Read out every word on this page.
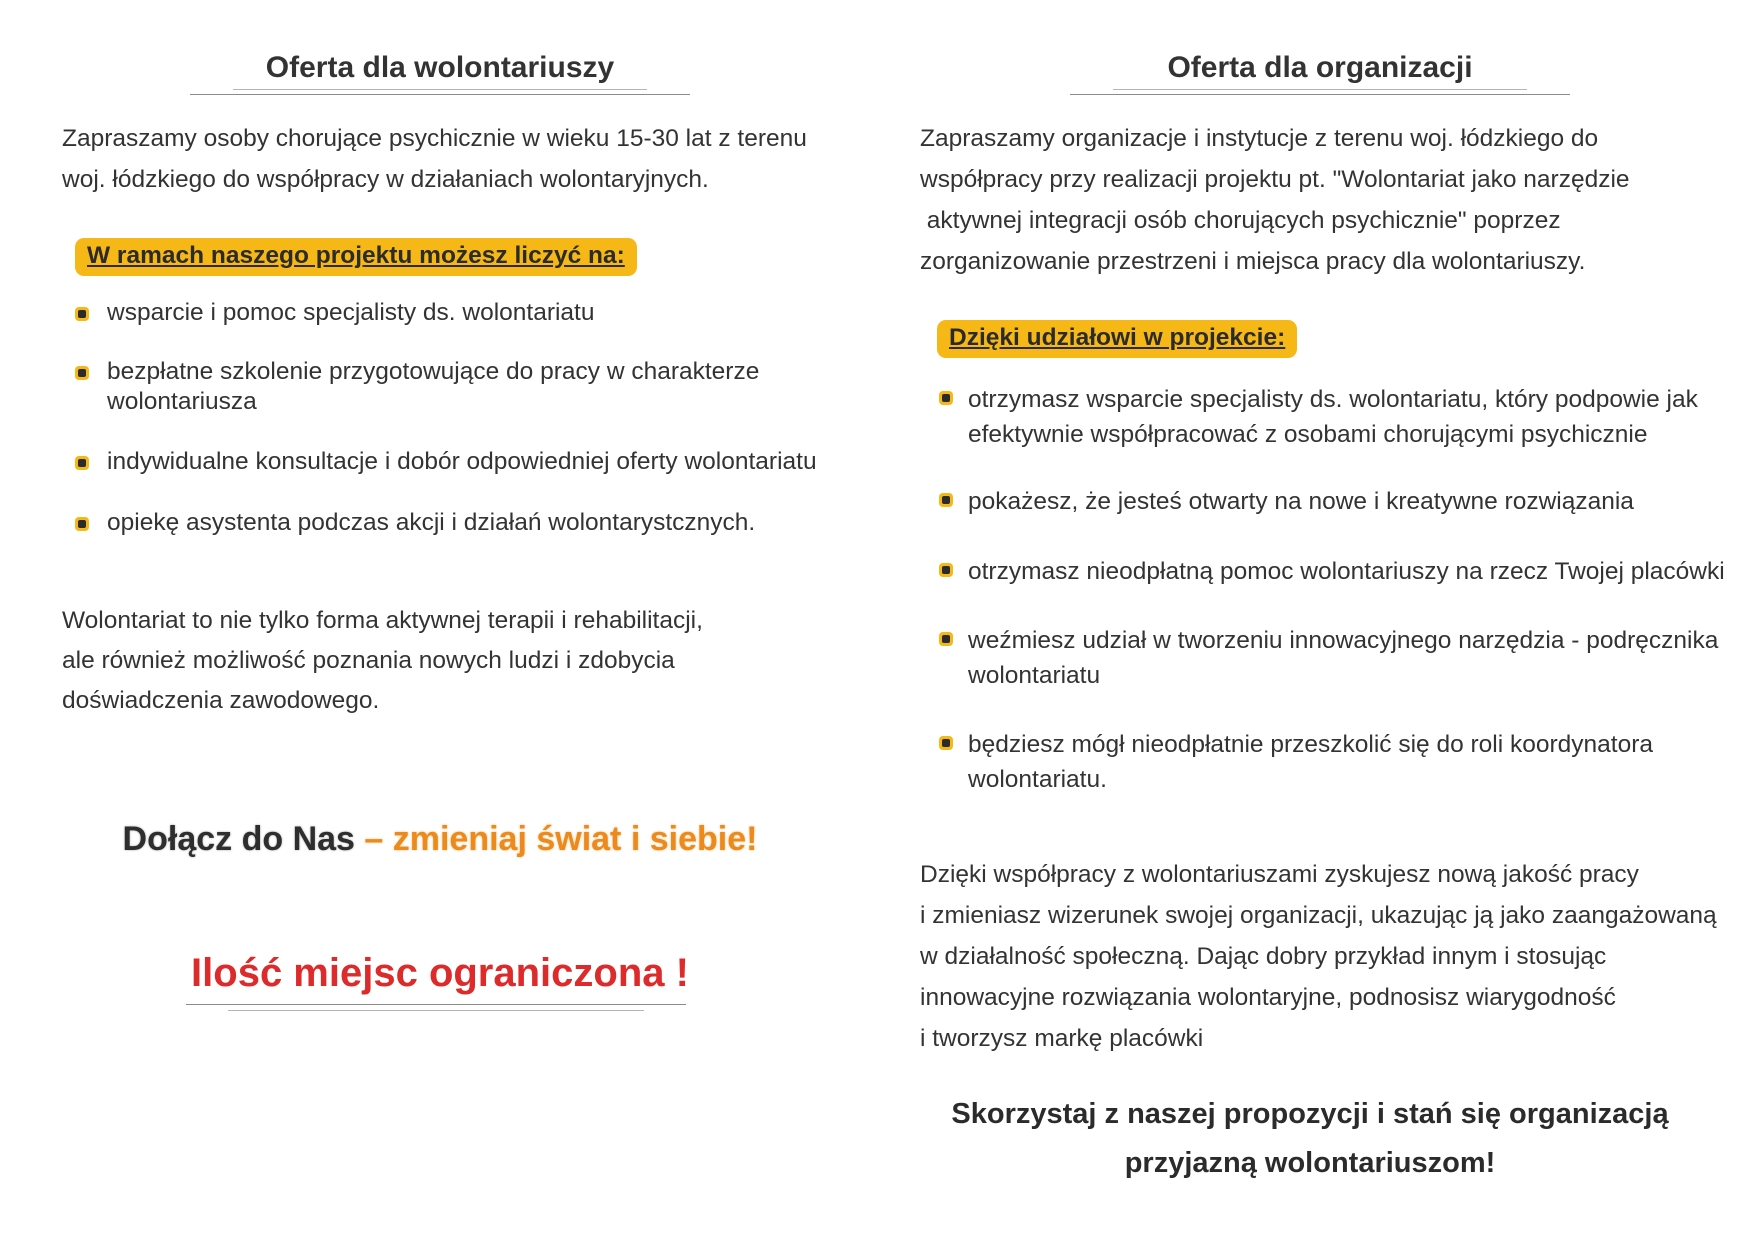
Oferta dla wolontariuszy
Zapraszamy osoby chorujące psychicznie w wieku 15-30 lat z terenu
woj. łódzkiego do współpracy w działaniach wolontaryjnych.
W ramach naszego projektu możesz liczyć na:
wsparcie i pomoc specjalisty ds. wolontariatu
bezpłatne szkolenie przygotowujące do pracy w charakterze
wolontariusza
indywidualne konsultacje i dobór odpowiedniej oferty wolontariatu
opiekę asystenta podczas akcji i działań wolontarystcznych.
Wolontariat to nie tylko forma aktywnej terapii i rehabilitacji,
ale również możliwość poznania nowych ludzi i zdobycia
doświadczenia zawodowego.
Dołącz do Nas – zmieniaj świat i siebie!
Ilość miejsc ograniczona !
Oferta dla organizacji
Zapraszamy organizacje i instytucje z terenu woj. łódzkiego do
współpracy przy realizacji projektu pt. "Wolontariat jako narzędzie
aktywnej integracji osób chorujących psychicznie" poprzez
zorganizowanie przestrzeni i miejsca pracy dla wolontariuszy.
Dzięki udziałowi w projekcie:
otrzymasz wsparcie specjalisty ds. wolontariatu, który podpowie jak
efektywnie współpracować z osobami chorującymi psychicznie
pokażesz, że jesteś otwarty na nowe i kreatywne rozwiązania
otrzymasz nieodpłatną pomoc wolontariuszy na rzecz Twojej placówki
weźmiesz udział w tworzeniu innowacyjnego narzędzia - podręcznika
wolontariatu
będziesz mógł nieodpłatnie przeszkolić się do roli koordynatora
wolontariatu.
Dzięki współpracy z wolontariuszami zyskujesz nową jakość pracy
i zmieniasz wizerunek swojej organizacji, ukazując ją jako zaangażowaną
w działalność społeczną. Dając dobry przykład innym i stosując
innowacyjne rozwiązania wolontaryjne, podnosisz wiarygodność
i tworzysz markę placówki
Skorzystaj z naszej propozycji i stań się organizacją
przyjazną wolontariuszom!
